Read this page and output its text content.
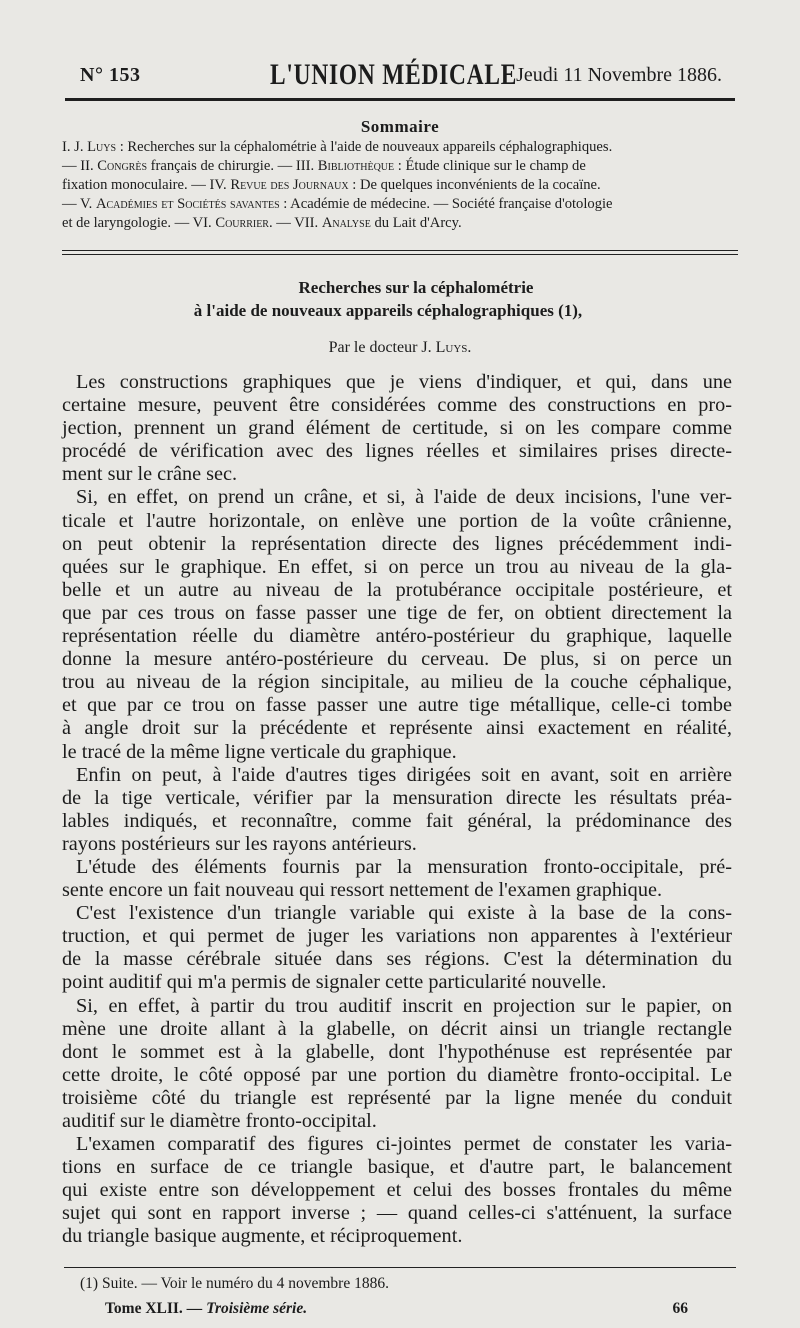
N° 153	L'UNION MÉDICALE
Jeudi 11 Novembre 1886.
Sommaire
I. J. Luys : Recherches sur la céphalométrie à l'aide de nouveaux appareils céphalographiques.
— II. Congrès français de chirurgie. — III. Bibliothèque : Étude clinique sur le champ de
fixation monoculaire. — IV. Revue des Journaux : De quelques inconvénients de la cocaïne.
— V. Académies et Sociétés savantes : Académie de médecine. — Société française d'otologie
et de laryngologie. — VI. Courrier. — VII. Analyse du Lait d'Arcy.
Recherches sur la céphalométrie
à l'aide de nouveaux appareils céphalographiques (1),
Par le docteur J. Luys.
Les constructions graphiques que je viens d'indiquer, et qui, dans une
certaine mesure, peuvent être considérées comme des constructions en pro-
jection, prennent un grand élément de certitude, si on les compare comme
procédé de vérification avec des lignes réelles et similaires prises directe-
ment sur le crâne sec.
Si, en effet, on prend un crâne, et si, à l'aide de deux incisions, l'une ver-
ticale et l'autre horizontale, on enlève une portion de la voûte crânienne,
on peut obtenir la représentation directe des lignes précédemment indi-
quées sur le graphique. En effet, si on perce un trou au niveau de la gla-
belle et un autre au niveau de la protubérance occipitale postérieure, et
que par ces trous on fasse passer une tige de fer, on obtient directement la
représentation réelle du diamètre antéro-postérieur du graphique, laquelle
donne la mesure antéro-postérieure du cerveau. De plus, si on perce un
trou au niveau de la région sincipitale, au milieu de la couche céphalique,
et que par ce trou on fasse passer une autre tige métallique, celle-ci tombe
à angle droit sur la précédente et représente ainsi exactement en réalité,
le tracé de la même ligne verticale du graphique.
Enfin on peut, à l'aide d'autres tiges dirigées soit en avant, soit en arrière
de la tige verticale, vérifier par la mensuration directe les résultats préa-
lables indiqués, et reconnaître, comme fait général, la prédominance des
rayons postérieurs sur les rayons antérieurs.
L'étude des éléments fournis par la mensuration fronto-occipitale, pré-
sente encore un fait nouveau qui ressort nettement de l'examen graphique.
C'est l'existence d'un triangle variable qui existe à la base de la cons-
truction, et qui permet de juger les variations non apparentes à l'extérieur
de la masse cérébrale située dans ses régions. C'est la détermination du
point auditif qui m'a permis de signaler cette particularité nouvelle.
Si, en effet, à partir du trou auditif inscrit en projection sur le papier, on
mène une droite allant à la glabelle, on décrit ainsi un triangle rectangle
dont le sommet est à la glabelle, dont l'hypothénuse est représentée par
cette droite, le côté opposé par une portion du diamètre fronto-occipital. Le
troisième côté du triangle est représenté par la ligne menée du conduit
auditif sur le diamètre fronto-occipital.
L'examen comparatif des figures ci-jointes permet de constater les varia-
tions en surface de ce triangle basique, et d'autre part, le balancement
qui existe entre son développement et celui des bosses frontales du même
sujet qui sont en rapport inverse ; — quand celles-ci s'atténuent, la surface
du triangle basique augmente, et réciproquement.
(1) Suite. — Voir le numéro du 4 novembre 1886.
Tome XLII. — Troisième série.	66
